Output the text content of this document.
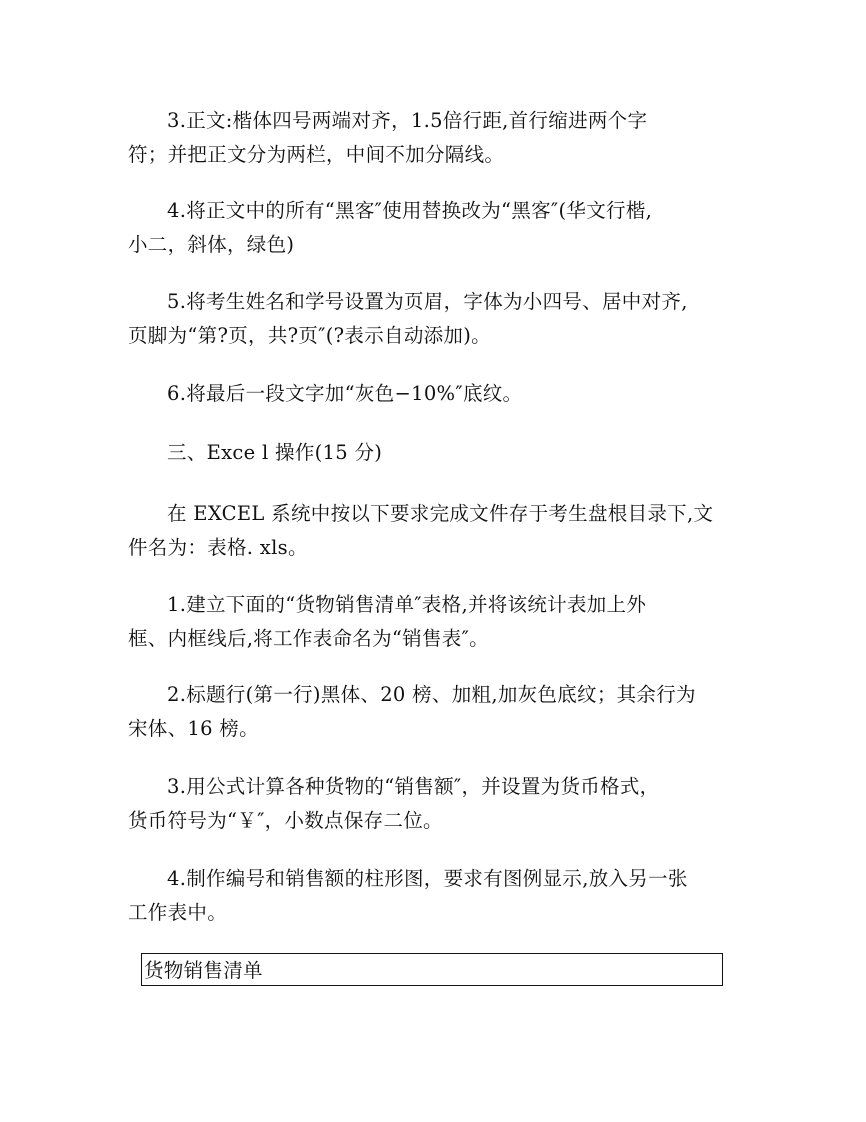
3.正文:楷体四号两端对齐，1.5倍行距,首行缩进两个字
符；并把正文分为两栏，中间不加分隔线。

4.将正文中的所有“黑客″使用替换改为“黑客″(华文行楷,
小二，斜体，绿色)

5.将考生姓名和学号设置为页眉，字体为小四号、居中对齐,
页脚为“第?页，共?页″(?表示自动添加)。

6.将最后一段文字加“灰色−10%″底纹。

三、Exce l 操作(15 分)

在 EXCEL 系统中按以下要求完成文件存于考生盘根目录下,文
件名为：表格. xls。

1.建立下面的“货物销售清单″表格,并将该统计表加上外
框、内框线后,将工作表命名为“销售表″。

2.标题行(第一行)黑体、20 榜、加粗,加灰色底纹；其余行为
宋体、16 榜。

3.用公式计算各种货物的“销售额″，并设置为货币格式，
货币符号为“￥″，小数点保存二位。

4.制作编号和销售额的柱形图，要求有图例显示,放入另一张
工作表中。

货物销售清单
